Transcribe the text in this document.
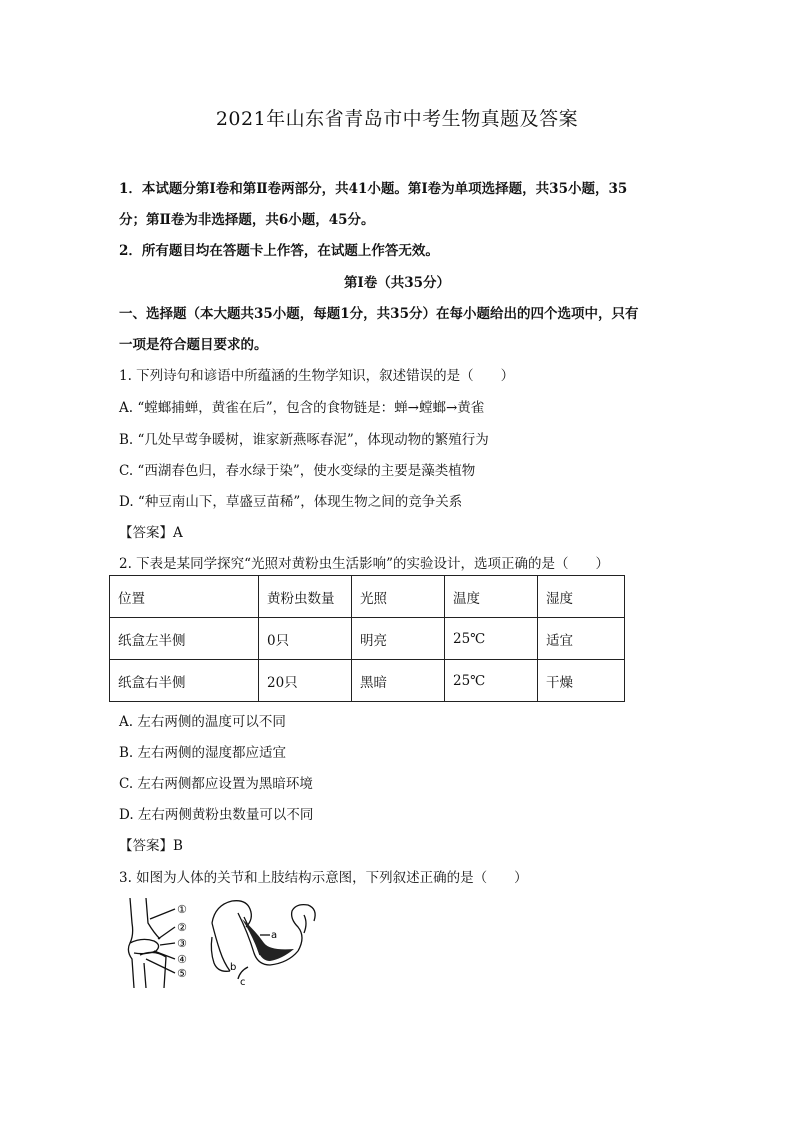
2021年山东省青岛市中考生物真题及答案
1．本试题分第Ⅰ卷和第Ⅱ卷两部分，共41小题。第Ⅰ卷为单项选择题，共35小题，35
分；第Ⅱ卷为非选择题，共6小题，45分。
2．所有题目均在答题卡上作答，在试题上作答无效。
第Ⅰ卷（共35分）
一、选择题（本大题共35小题，每题1分，共35分）在每小题给出的四个选项中，只有
一项是符合题目要求的。
1. 下列诗句和谚语中所蕴涵的生物学知识，叙述错误的是（　　）
A. “螳螂捕蝉，黄雀在后”，包含的食物链是：蝉→螳螂→黄雀
B. “几处早莺争暖树，谁家新燕啄春泥”，体现动物的繁殖行为
C. “西湖春色归，春水绿于染”，使水变绿的主要是藻类植物
D. “种豆南山下，草盛豆苗稀”，体现生物之间的竞争关系
【答案】A
2. 下表是某同学探究“光照对黄粉虫生活影响”的实验设计，选项正确的是（　　）
位置	黄粉虫数量	光照	温度	湿度
纸盒左半侧	0只	明亮	25℃	适宜
纸盒右半侧	20只	黑暗	25℃	干燥
A. 左右两侧的温度可以不同
B. 左右两侧的湿度都应适宜
C. 左右两侧都应设置为黑暗环境
D. 左右两侧黄粉虫数量可以不同
【答案】B
3. 如图为人体的关节和上肢结构示意图，下列叙述正确的是（　　）
①
②
③
④
⑤
a
b
c
